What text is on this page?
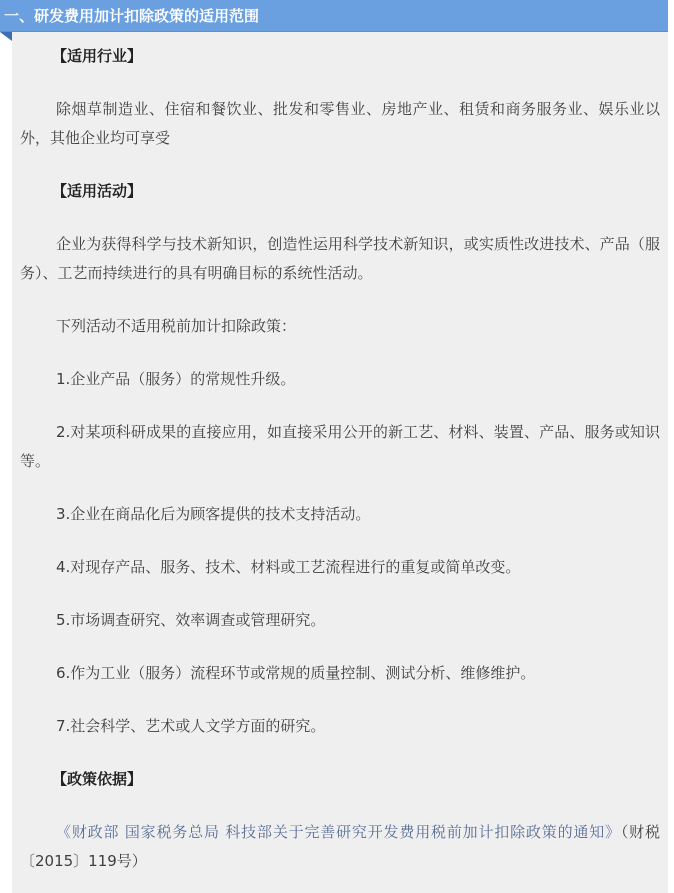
一、研发费用加计扣除政策的适用范围
【适用行业】

除烟草制造业、住宿和餐饮业、批发和零售业、房地产业、租赁和商务服务业、娱乐业以外，其他企业均可享受

【适用活动】

企业为获得科学与技术新知识，创造性运用科学技术新知识，或实质性改进技术、产品（服务）、工艺而持续进行的具有明确目标的系统性活动。

下列活动不适用税前加计扣除政策：

1.企业产品（服务）的常规性升级。

2.对某项科研成果的直接应用，如直接采用公开的新工艺、材料、装置、产品、服务或知识等。

3.企业在商品化后为顾客提供的技术支持活动。

4.对现存产品、服务、技术、材料或工艺流程进行的重复或简单改变。

5.市场调查研究、效率调查或管理研究。

6.作为工业（服务）流程环节或常规的质量控制、测试分析、维修维护。

7.社会科学、艺术或人文学方面的研究。

【政策依据】

《财政部 国家税务总局 科技部关于完善研究开发费用税前加计扣除政策的通知》（财税〔2015〕119号）
